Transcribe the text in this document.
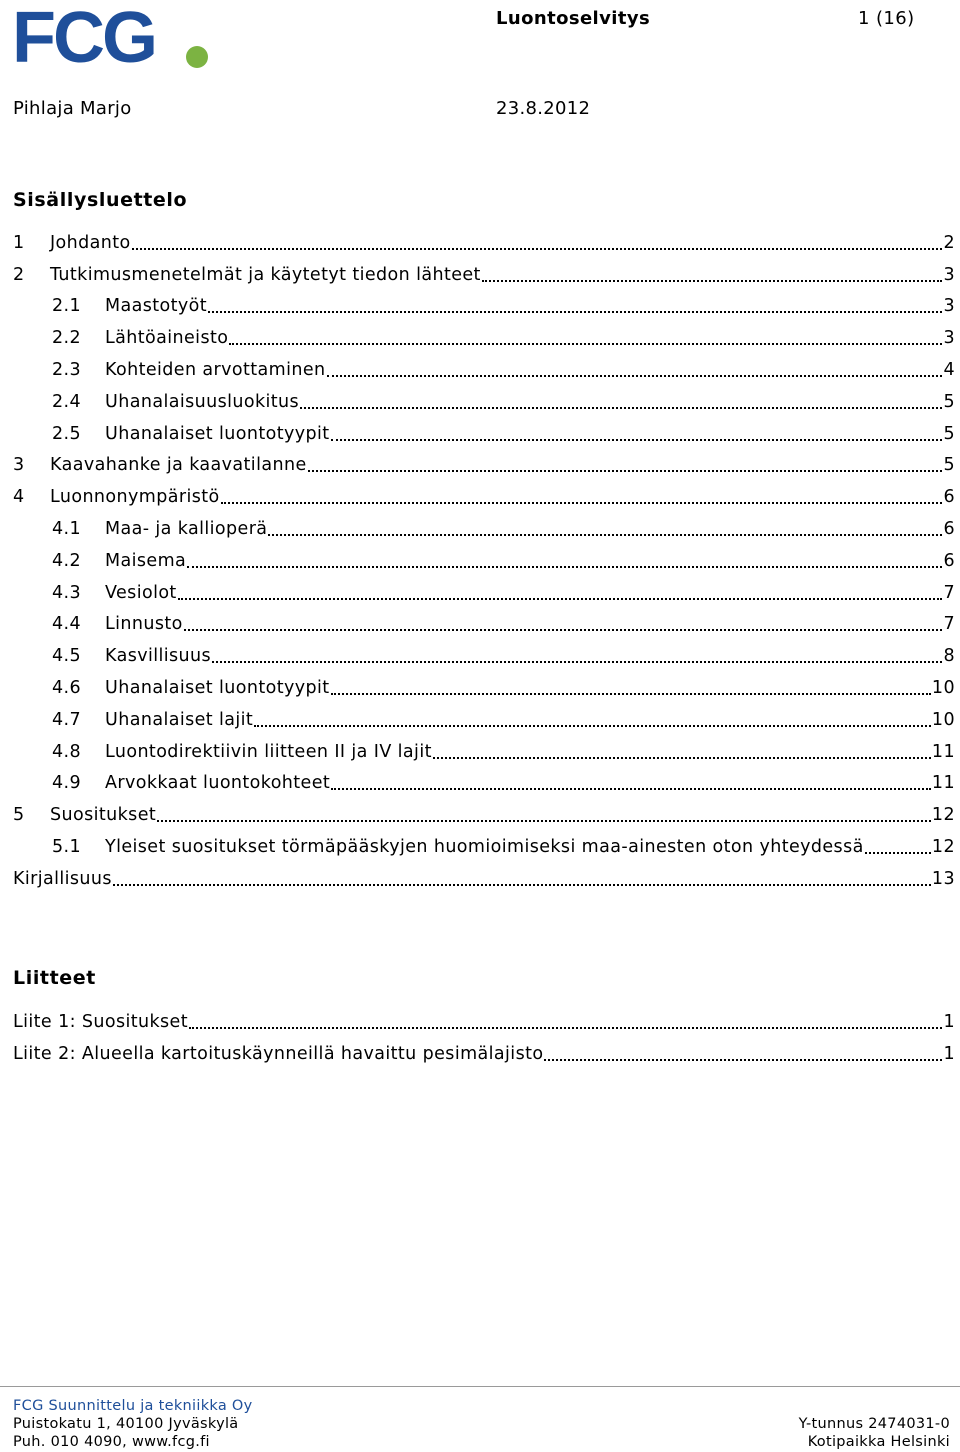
FCG	Luontoselvitys	1 (16)
Pihlaja Marjo	23.8.2012
Sisällysluettelo
1	Johdanto	2
2	Tutkimusmenetelmät ja käytetyt tiedon lähteet	3
2.1	Maastotyöt	3
2.2	Lähtöaineisto	3
2.3	Kohteiden arvottaminen	4
2.4	Uhanalaisuusluokitus	5
2.5	Uhanalaiset luontotyypit	5
3	Kaavahanke ja kaavatilanne	5
4	Luonnonympäristö	6
4.1	Maa- ja kallioperä	6
4.2	Maisema	6
4.3	Vesiolot	7
4.4	Linnusto	7
4.5	Kasvillisuus	8
4.6	Uhanalaiset luontotyypit	10
4.7	Uhanalaiset lajit	10
4.8	Luontodirektiivin liitteen II ja IV lajit	11
4.9	Arvokkaat luontokohteet	11
5	Suositukset	12
5.1	Yleiset suositukset törmäpääskyjen huomioimiseksi maa-ainesten oton yhteydessä	12
Kirjallisuus	13
Liitteet
Liite 1: Suositukset	1
Liite 2: Alueella kartoituskäynneillä havaittu pesimälajisto	1
FCG Suunnittelu ja tekniikka Oy
Puistokatu 1, 40100 Jyväskylä
Puh. 010 4090, www.fcg.fi
Y-tunnus 2474031-0
Kotipaikka Helsinki
